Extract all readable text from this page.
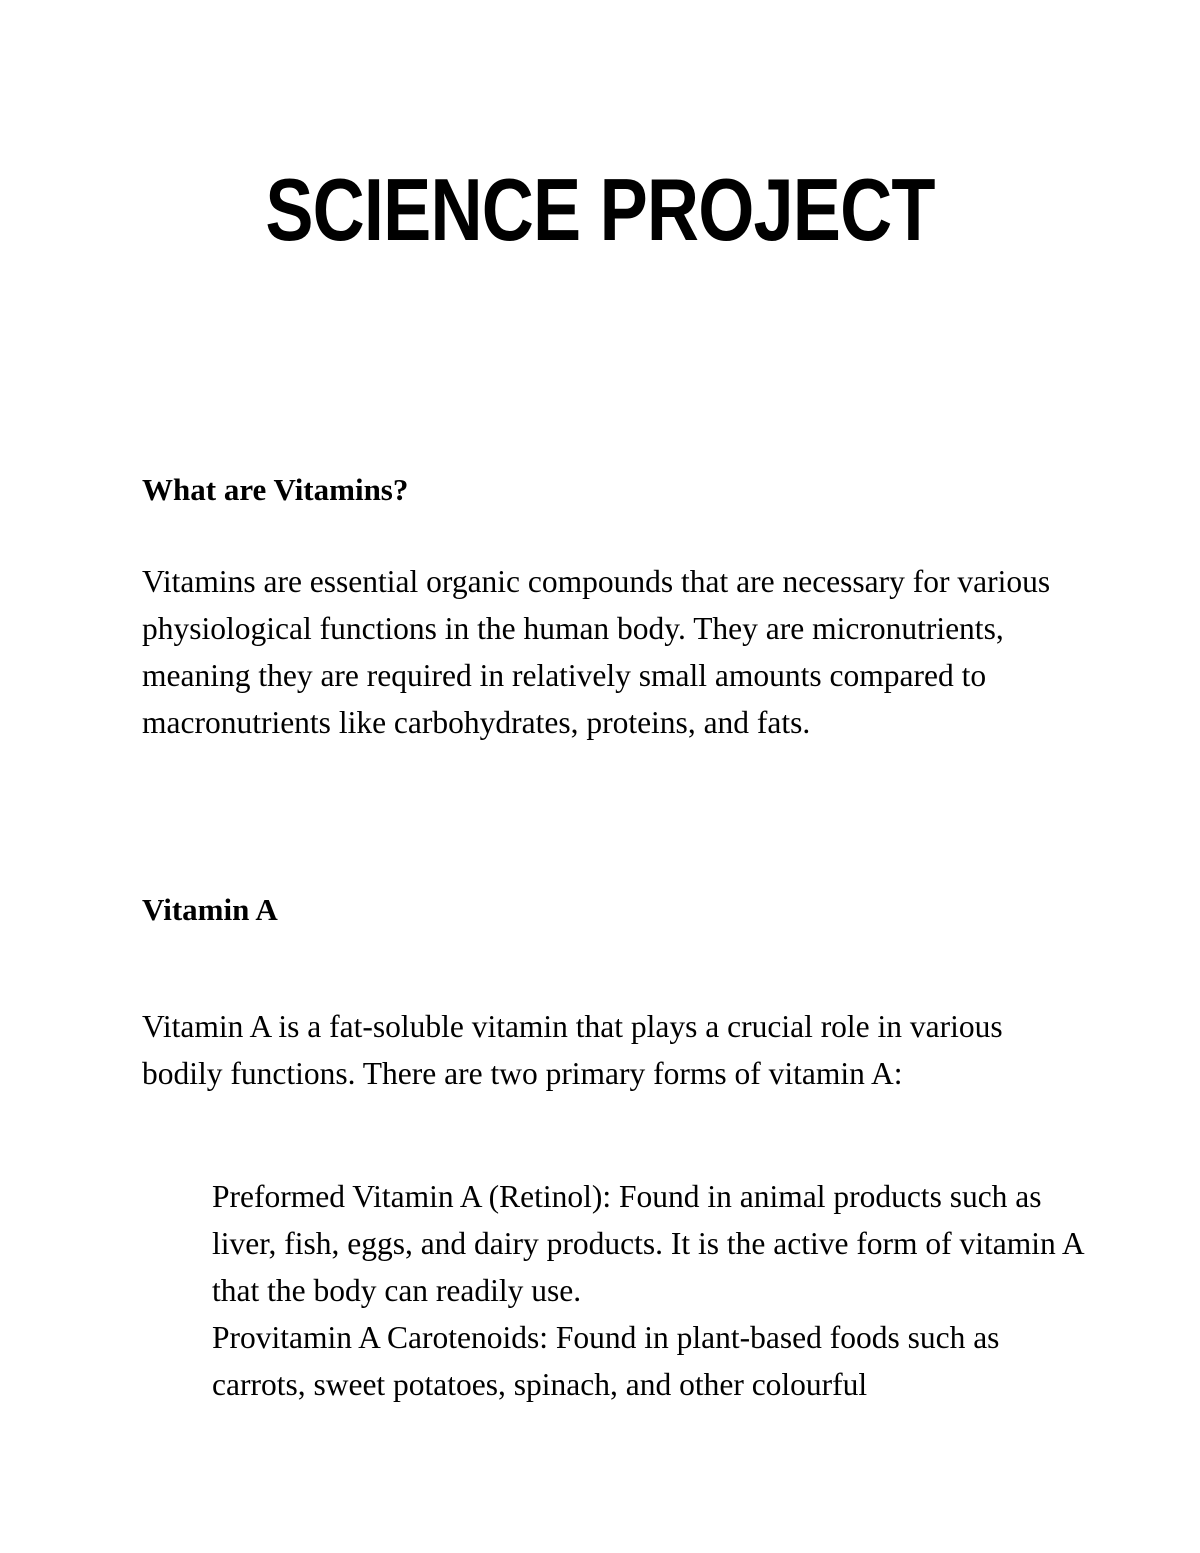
SCIENCE PROJECT
What are Vitamins?

Vitamins are essential organic compounds that are necessary for various physiological functions in the human body. They are micronutrients, meaning they are required in relatively small amounts compared to macronutrients like carbohydrates, proteins, and fats.

Vitamin A

Vitamin A is a fat-soluble vitamin that plays a crucial role in various bodily functions. There are two primary forms of vitamin A:

Preformed Vitamin A (Retinol): Found in animal products such as liver, fish, eggs, and dairy products. It is the active form of vitamin A that the body can readily use.
Provitamin A Carotenoids: Found in plant-based foods such as carrots, sweet potatoes, spinach, and other colourful
